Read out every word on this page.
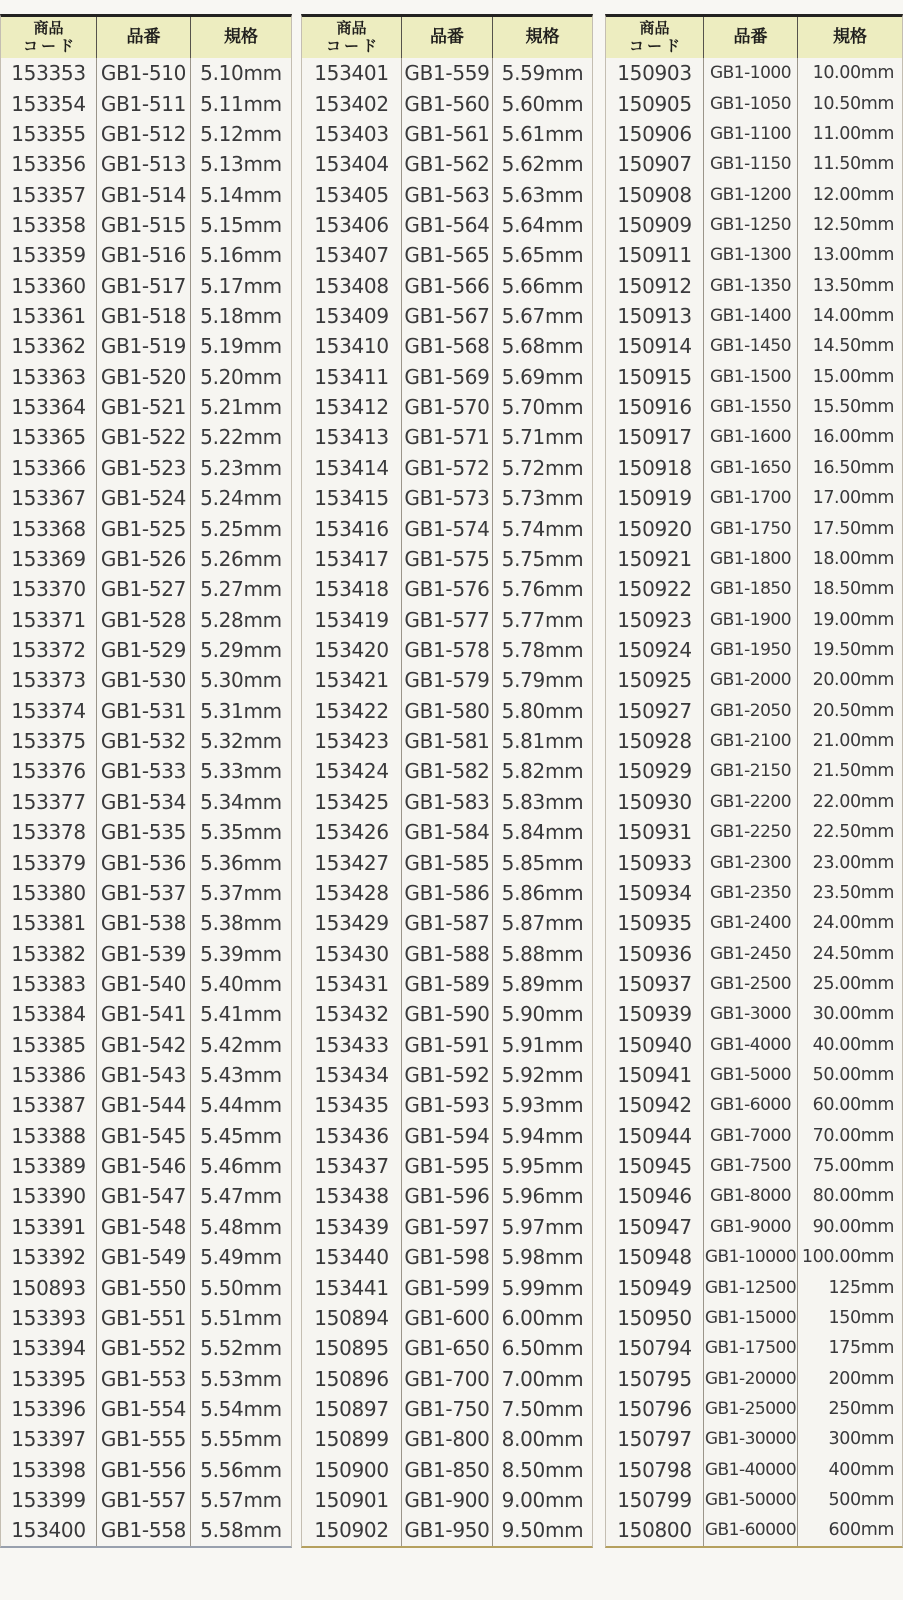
商品
コード	品番	規格
153353 GB1-510 5.10mm
153354 GB1-511 5.11mm
153355 GB1-512 5.12mm
153356 GB1-513 5.13mm
153357 GB1-514 5.14mm
153358 GB1-515 5.15mm
153359 GB1-516 5.16mm
153360 GB1-517 5.17mm
153361 GB1-518 5.18mm
153362 GB1-519 5.19mm
153363 GB1-520 5.20mm
153364 GB1-521 5.21mm
153365 GB1-522 5.22mm
153366 GB1-523 5.23mm
153367 GB1-524 5.24mm
153368 GB1-525 5.25mm
153369 GB1-526 5.26mm
153370 GB1-527 5.27mm
153371 GB1-528 5.28mm
153372 GB1-529 5.29mm
153373 GB1-530 5.30mm
153374 GB1-531 5.31mm
153375 GB1-532 5.32mm
153376 GB1-533 5.33mm
153377 GB1-534 5.34mm
153378 GB1-535 5.35mm
153379 GB1-536 5.36mm
153380 GB1-537 5.37mm
153381 GB1-538 5.38mm
153382 GB1-539 5.39mm
153383 GB1-540 5.40mm
153384 GB1-541 5.41mm
153385 GB1-542 5.42mm
153386 GB1-543 5.43mm
153387 GB1-544 5.44mm
153388 GB1-545 5.45mm
153389 GB1-546 5.46mm
153390 GB1-547 5.47mm
153391 GB1-548 5.48mm
153392 GB1-549 5.49mm
150893 GB1-550 5.50mm
153393 GB1-551 5.51mm
153394 GB1-552 5.52mm
153395 GB1-553 5.53mm
153396 GB1-554 5.54mm
153397 GB1-555 5.55mm
153398 GB1-556 5.56mm
153399 GB1-557 5.57mm
153400 GB1-558 5.58mm
商品
コード	品番	規格
153401 GB1-559 5.59mm
153402 GB1-560 5.60mm
153403 GB1-561 5.61mm
153404 GB1-562 5.62mm
153405 GB1-563 5.63mm
153406 GB1-564 5.64mm
153407 GB1-565 5.65mm
153408 GB1-566 5.66mm
153409 GB1-567 5.67mm
153410 GB1-568 5.68mm
153411 GB1-569 5.69mm
153412 GB1-570 5.70mm
153413 GB1-571 5.71mm
153414 GB1-572 5.72mm
153415 GB1-573 5.73mm
153416 GB1-574 5.74mm
153417 GB1-575 5.75mm
153418 GB1-576 5.76mm
153419 GB1-577 5.77mm
153420 GB1-578 5.78mm
153421 GB1-579 5.79mm
153422 GB1-580 5.80mm
153423 GB1-581 5.81mm
153424 GB1-582 5.82mm
153425 GB1-583 5.83mm
153426 GB1-584 5.84mm
153427 GB1-585 5.85mm
153428 GB1-586 5.86mm
153429 GB1-587 5.87mm
153430 GB1-588 5.88mm
153431 GB1-589 5.89mm
153432 GB1-590 5.90mm
153433 GB1-591 5.91mm
153434 GB1-592 5.92mm
153435 GB1-593 5.93mm
153436 GB1-594 5.94mm
153437 GB1-595 5.95mm
153438 GB1-596 5.96mm
153439 GB1-597 5.97mm
153440 GB1-598 5.98mm
153441 GB1-599 5.99mm
150894 GB1-600 6.00mm
150895 GB1-650 6.50mm
150896 GB1-700 7.00mm
150897 GB1-750 7.50mm
150899 GB1-800 8.00mm
150900 GB1-850 8.50mm
150901 GB1-900 9.00mm
150902 GB1-950 9.50mm
商品
コード	品番	規格
150903	GB1-1000	10.00mm
150905	GB1-1050	10.50mm
150906	GB1-1100	11.00mm
150907	GB1-1150	11.50mm
150908	GB1-1200	12.00mm
150909	GB1-1250	12.50mm
150911	GB1-1300	13.00mm
150912	GB1-1350	13.50mm
150913	GB1-1400	14.00mm
150914	GB1-1450	14.50mm
150915	GB1-1500	15.00mm
150916	GB1-1550	15.50mm
150917	GB1-1600	16.00mm
150918	GB1-1650	16.50mm
150919	GB1-1700	17.00mm
150920	GB1-1750	17.50mm
150921	GB1-1800	18.00mm
150922	GB1-1850	18.50mm
150923	GB1-1900	19.00mm
150924	GB1-1950	19.50mm
150925	GB1-2000	20.00mm
150927	GB1-2050	20.50mm
150928	GB1-2100	21.00mm
150929	GB1-2150	21.50mm
150930	GB1-2200	22.00mm
150931	GB1-2250	22.50mm
150933	GB1-2300	23.00mm
150934	GB1-2350	23.50mm
150935	GB1-2400	24.00mm
150936	GB1-2450	24.50mm
150937	GB1-2500	25.00mm
150939	GB1-3000	30.00mm
150940	GB1-4000	40.00mm
150941	GB1-5000	50.00mm
150942	GB1-6000	60.00mm
150944	GB1-7000	70.00mm
150945	GB1-7500	75.00mm
150946	GB1-8000	80.00mm
150947	GB1-9000	90.00mm
150948 GB1-10000 100.00mm
150949 GB1-12500	125mm
150950 GB1-15000	150mm
150794 GB1-17500	175mm
150795 GB1-20000	200mm
150796 GB1-25000	250mm
150797 GB1-30000	300mm
150798 GB1-40000	400mm
150799 GB1-50000	500mm
150800 GB1-60000	600mm
